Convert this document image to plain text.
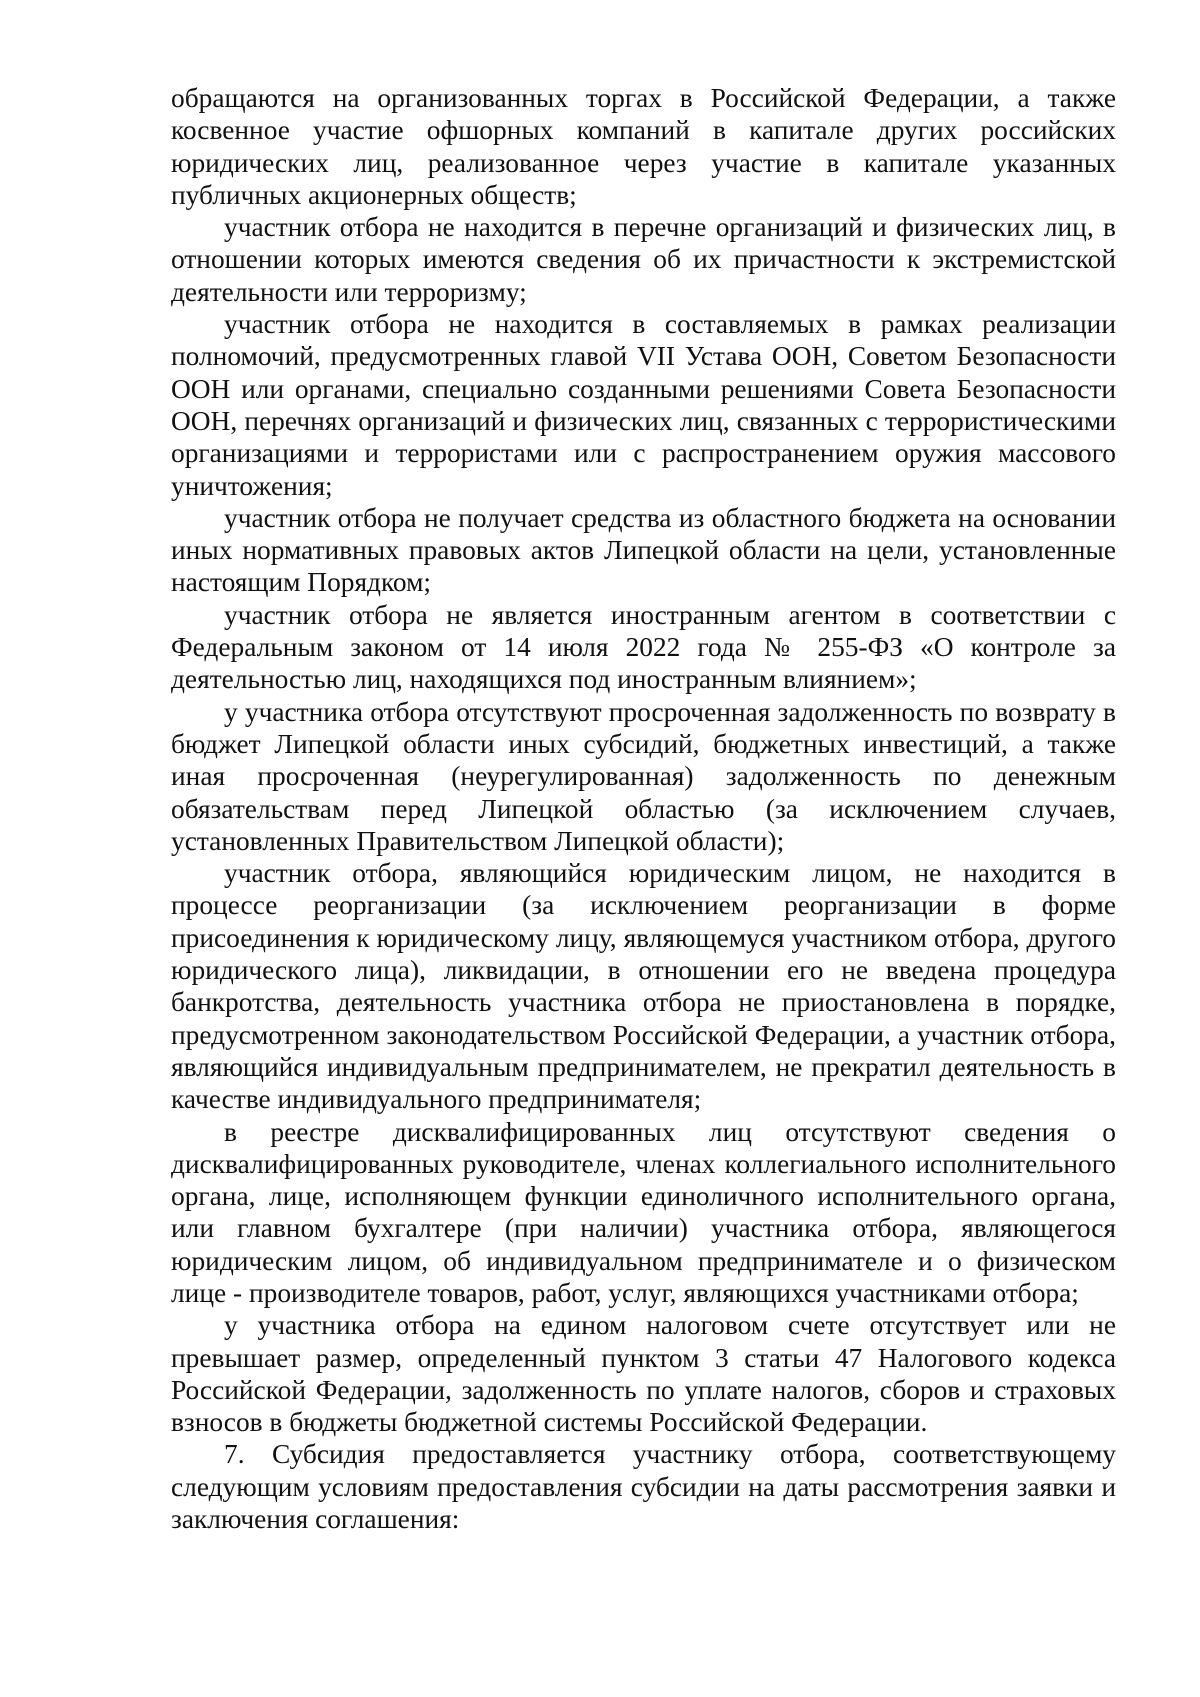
обращаются на организованных торгах в Российской Федерации, а также косвенное участие офшорных компаний в капитале других российских юридических лиц, реализованное через участие в капитале указанных публичных акционерных обществ;

участник отбора не находится в перечне организаций и физических лиц, в отношении которых имеются сведения об их причастности к экстремистской деятельности или терроризму;

участник отбора не находится в составляемых в рамках реализации полномочий, предусмотренных главой VII Устава ООН, Советом Безопасности ООН или органами, специально созданными решениями Совета Безопасности ООН, перечнях организаций и физических лиц, связанных с террористическими организациями и террористами или с распространением оружия массового уничтожения;

участник отбора не получает средства из областного бюджета на основании иных нормативных правовых актов Липецкой области на цели, установленные настоящим Порядком;

участник отбора не является иностранным агентом в соответствии с Федеральным законом от 14 июля 2022 года № 255-ФЗ «О контроле за деятельностью лиц, находящихся под иностранным влиянием»;

у участника отбора отсутствуют просроченная задолженность по возврату в бюджет Липецкой области иных субсидий, бюджетных инвестиций, а также иная просроченная (неурегулированная) задолженность по денежным обязательствам перед Липецкой областью (за исключением случаев, установленных Правительством Липецкой области);

участник отбора, являющийся юридическим лицом, не находится в процессе реорганизации (за исключением реорганизации в форме присоединения к юридическому лицу, являющемуся участником отбора, другого юридического лица), ликвидации, в отношении его не введена процедура банкротства, деятельность участника отбора не приостановлена в порядке, предусмотренном законодательством Российской Федерации, а участник отбора, являющийся индивидуальным предпринимателем, не прекратил деятельность в качестве индивидуального предпринимателя;

в реестре дисквалифицированных лиц отсутствуют сведения о дисквалифицированных руководителе, членах коллегиального исполнительного органа, лице, исполняющем функции единоличного исполнительного органа, или главном бухгалтере (при наличии) участника отбора, являющегося юридическим лицом, об индивидуальном предпринимателе и о физическом лице - производителе товаров, работ, услуг, являющихся участниками отбора;

у участника отбора на едином налоговом счете отсутствует или не превышает размер, определенный пунктом 3 статьи 47 Налогового кодекса Российской Федерации, задолженность по уплате налогов, сборов и страховых взносов в бюджеты бюджетной системы Российской Федерации.

7. Субсидия предоставляется участнику отбора, соответствующему следующим условиям предоставления субсидии на даты рассмотрения заявки и заключения соглашения:
